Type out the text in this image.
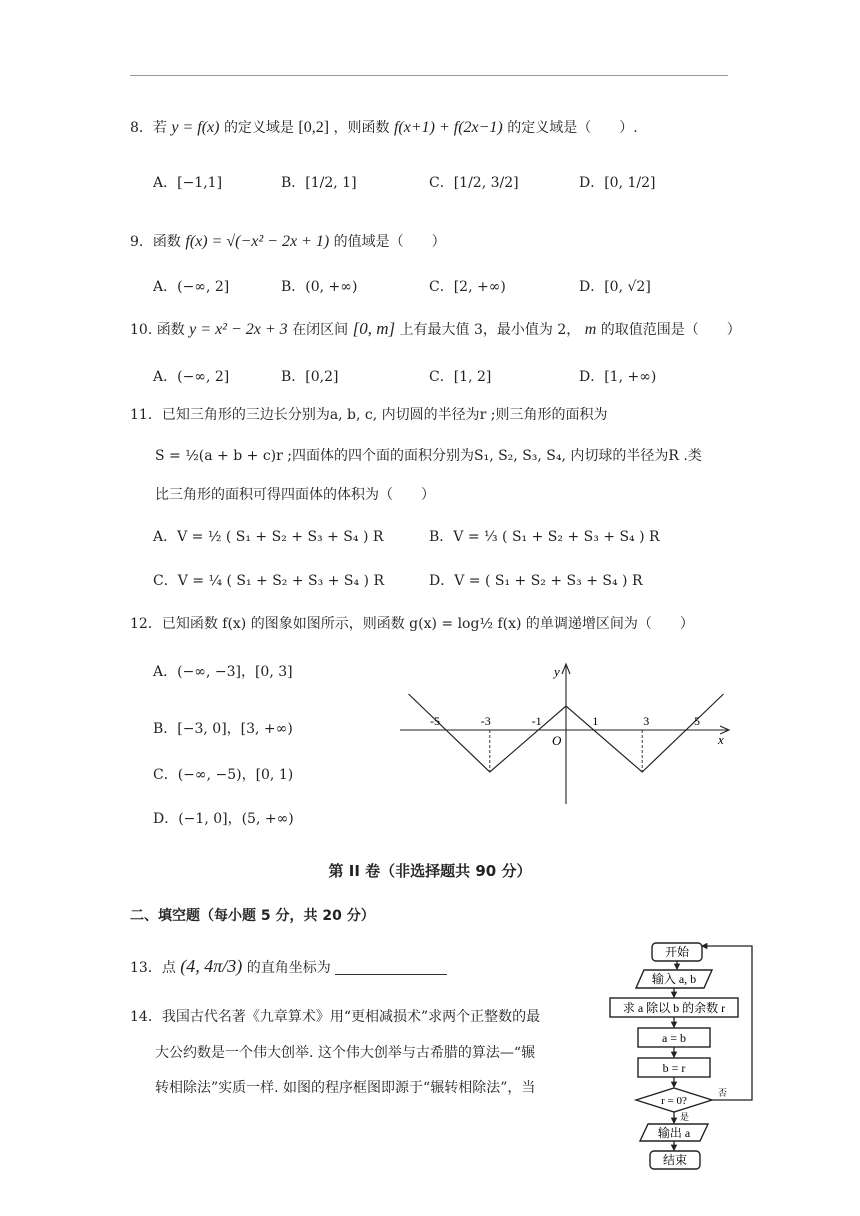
8．若 y = f(x) 的定义域是 [0,2] ，则函数 f(x+1) + f(2x−1) 的定义域是（　　）.
A．[−1,1]	B．[1/2, 1]	C．[1/2, 3/2]	D．[0, 1/2]
9．函数 f(x) = √(−x² − 2x + 1) 的值域是（　　）
A．(−∞, 2]	B．(0, +∞)	C．[2, +∞)	D．[0, √2]
10. 函数 y = x² − 2x + 3 在闭区间 [0, m] 上有最大值 3，最小值为 2， m 的取值范围是（　　）
A．(−∞, 2]	B．[0,2]	C．[1, 2]	D．[1, +∞)
11．已知三角形的三边长分别为a, b, c, 内切圆的半径为r ;则三角形的面积为
S = ½(a + b + c)r ;四面体的四个面的面积分别为S₁, S₂, S₃, S₄, 内切球的半径为R .类
比三角形的面积可得四面体的体积为（　　）
A．V = ½ ( S₁ + S₂ + S₃ + S₄ ) R	B．V = ⅓ ( S₁ + S₂ + S₃ + S₄ ) R
C．V = ¼ ( S₁ + S₂ + S₃ + S₄ ) R	D．V = ( S₁ + S₂ + S₃ + S₄ ) R
12．已知函数 f(x) 的图象如图所示，则函数 g(x) = log½ f(x) 的单调递增区间为（　　）
A．(−∞, −3]，[0, 3]
B．[−3, 0]，[3, +∞)
C．(−∞, −5)，[0, 1)
D．(−1, 0]，(5, +∞)
-5	-3	-1	1	3	5
y
x
O
第 II 卷（非选择题共 90 分）
二、填空题（每小题 5 分，共 20 分）
13．点 (4, 4π/3) 的直角坐标为
14．我国古代名著《九章算术》用“更相减损术”求两个正整数的最
大公约数是一个伟大创举. 这个伟大创举与古希腊的算法—“辗
转相除法”实质一样. 如图的程序框图即源于“辗转相除法”，当
开始
输入 a, b
求 a 除以 b 的余数 r
a = b
b = r
r = 0?
否
是
输出 a
结束
